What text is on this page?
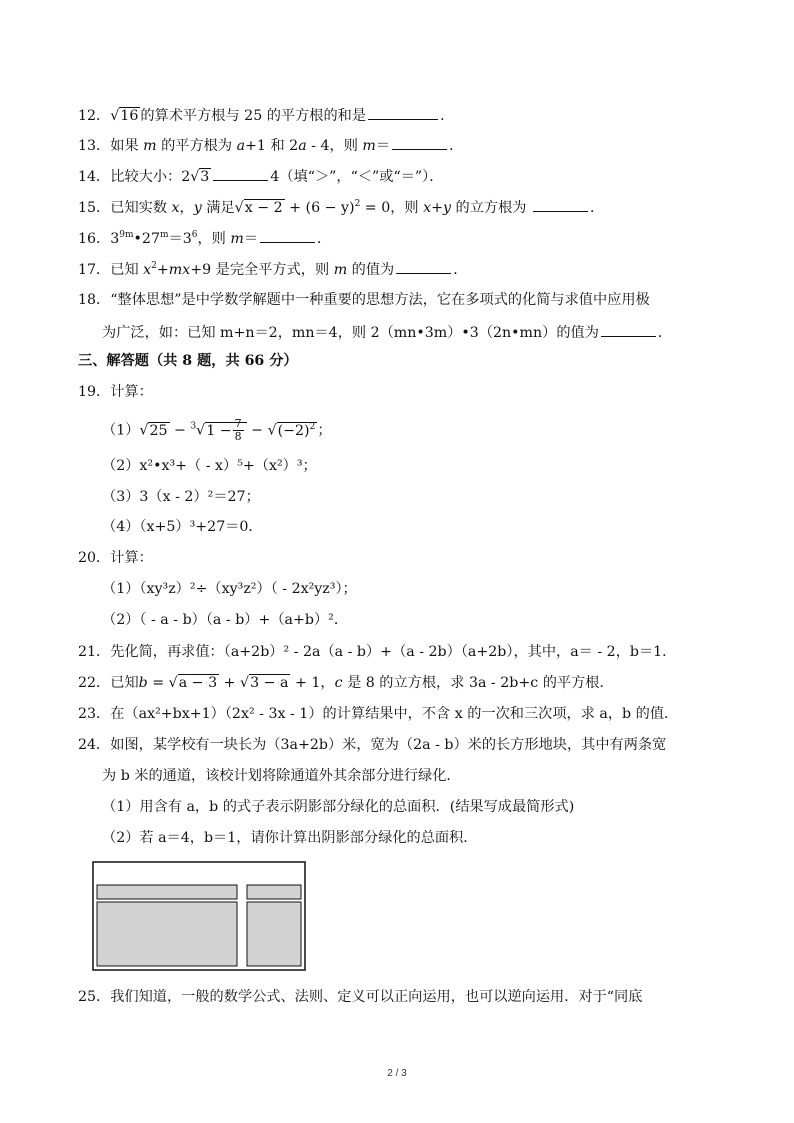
12．√16 的算术平方根与 25 的平方根的和是	．
13．如果 m 的平方根为 a+1 和 2a - 4，则 m＝	．
14．比较大小：2√3	4（填“＞”，“＜”或“＝”）．
15．已知实数 x，y 满足$√x - 2 + (6 - y)^2 = 0$，则 x+y 的立方根为	．
16．$3^{9m}•27^m=3^6$，则 m＝	．
17．已知 $x^2+mx+9$ 是完全平方式，则 m 的值为	．
18．“整体思想”是中学数学解题中一种重要的思想方法，它在多项式的化简与求值中应用极
为广泛，如：已知 m+n＝2，mn＝4，则 2（mn•3m）•3（2n•mn）的值为	．
三、解答题（共 8 题，共 66 分）
19．计算：
$(1)√25 - ^3√1 - \frac{7}{8} - √(-2)^2$ ；
（2）x²•x³+（ - x）⁵+（x²）³；
（3）3（x - 2）²＝27；
（4）（x+5）³+27＝0．
20．计算：
（1）（xy³z）²÷（xy³z²）（ - 2x²yz³）；
（2）（ - a - b）（a - b）+（a+b）²．
21．先化简，再求值：（a+2b）² - 2a（a - b）+（a - 2b）（a+2b），其中，a＝ - 2，b＝1．
22．已知b = √a − 3 + √3 − a + 1，c 是 8 的立方根，求 3a - 2b+c 的平方根．
23．在（ax²+bx+1）（2x² - 3x - 1）的计算结果中，不含 x 的一次和三次项，求 a，b 的值．
24．如图，某学校有一块长为（3a+2b）米，宽为（2a - b）米的长方形地块，其中有两条宽
为 b 米的通道，该校计划将除通道外其余部分进行绿化．
（1）用含有 a，b 的式子表示阴影部分绿化的总面积．(结果写成最简形式)
（2）若 a＝4，b＝1，请你计算出阴影部分绿化的总面积．
25．我们知道，一般的数学公式、法则、定义可以正向运用，也可以逆向运用．对于“同底
2 / 3
